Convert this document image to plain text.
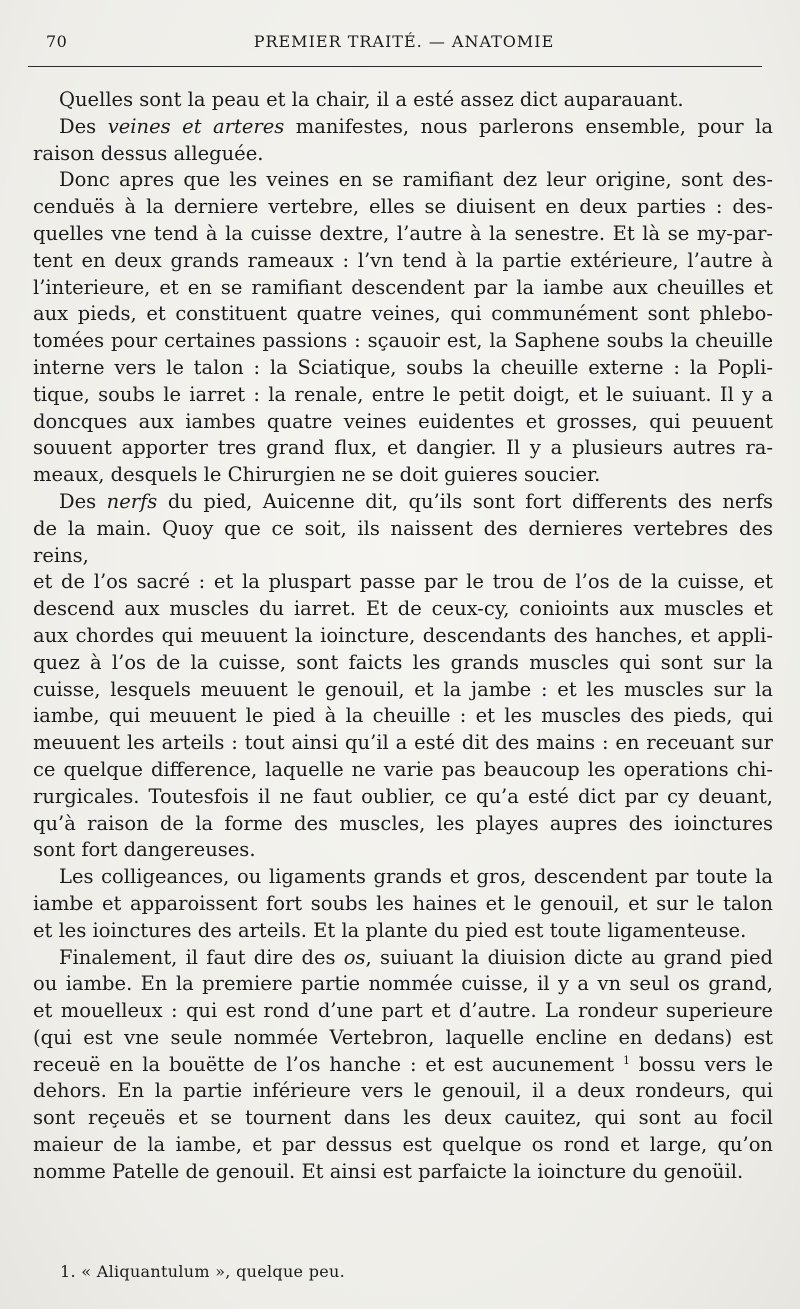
70	PREMIER TRAITÉ. — ANATOMIE

Quelles sont la peau et la chair, il a esté assez dict auparauant.

Des veines et arteres manifestes, nous parlerons ensemble, pour la
raison dessus alleguée.

Donc apres que les veines en se ramifiant dez leur origine, sont des-
cenduës à la derniere vertebre, elles se diuisent en deux parties : des-
quelles vne tend à la cuisse dextre, l’autre à la senestre. Et là se my-par-
tent en deux grands rameaux : l’vn tend à la partie extérieure, l’autre à
l’interieure, et en se ramifiant descendent par la iambe aux cheuilles et
aux pieds, et constituent quatre veines, qui communément sont phlebo-
tomées pour certaines passions : sçauoir est, la Saphene soubs la cheuille
interne vers le talon : la Sciatique, soubs la cheuille externe : la Popli-
tique, soubs le iarret : la renale, entre le petit doigt, et le suiuant. Il y a
doncques aux iambes quatre veines euidentes et grosses, qui peuuent
souuent apporter tres grand flux, et dangier. Il y a plusieurs autres ra-
meaux, desquels le Chirurgien ne se doit guieres soucier.

Des nerfs du pied, Auicenne dit, qu’ils sont fort differents des nerfs
de la main. Quoy que ce soit, ils naissent des dernieres vertebres des reins,
et de l’os sacré : et la pluspart passe par le trou de l’os de la cuisse, et
descend aux muscles du iarret. Et de ceux-cy, conioints aux muscles et
aux chordes qui meuuent la ioincture, descendants des hanches, et appli-
quez à l’os de la cuisse, sont faicts les grands muscles qui sont sur la
cuisse, lesquels meuuent le genouil, et la jambe : et les muscles sur la
iambe, qui meuuent le pied à la cheuille : et les muscles des pieds, qui
meuuent les arteils : tout ainsi qu’il a esté dit des mains : en receuant sur
ce quelque difference, laquelle ne varie pas beaucoup les operations chi-
rurgicales. Toutesfois il ne faut oublier, ce qu’a esté dict par cy deuant,
qu’à raison de la forme des muscles, les playes aupres des ioinctures
sont fort dangereuses.

Les colligeances, ou ligaments grands et gros, descendent par toute la
iambe et apparoissent fort soubs les haines et le genouil, et sur le talon
et les ioinctures des arteils. Et la plante du pied est toute ligamenteuse.

Finalement, il faut dire des os, suiuant la diuision dicte au grand pied
ou iambe. En la premiere partie nommée cuisse, il y a vn seul os grand,
et mouelleux : qui est rond d’une part et d’autre. La rondeur superieure
(qui est vne seule nommée Vertebron, laquelle encline en dedans) est
receuë en la bouëtte de l’os hanche : et est aucunement $^1$ bossu vers le
dehors. En la partie inférieure vers le genouil, il a deux rondeurs, qui
sont reçeuës et se tournent dans les deux cauitez, qui sont au focil
maieur de la iambe, et par dessus est quelque os rond et large, qu’on
nomme Patelle de genouil. Et ainsi est parfaicte la ioincture du genoüil.

1. « Aliquantulum », quelque peu.
